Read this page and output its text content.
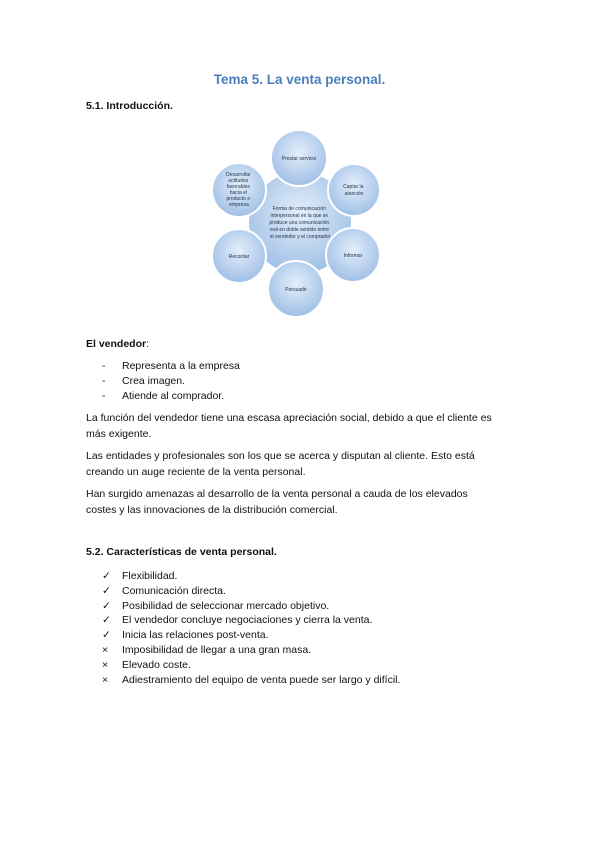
Tema 5. La venta personal.
5.1. Introducción.
Forma de comunicación interpersonal en la que se produce una comunicación oral en doble sentido entre el vendedor y el comprador
Prestar servicio
Captar la atención
Informar
Persuadir
Recordar
Desarrollar actitudes favorables hacia el producto o empresa
El vendedor:
-	Representa a la empresa
-	Crea imagen.
-	Atiende al comprador.
La función del vendedor tiene una escasa apreciación social, debido a que el cliente es
más exigente.
Las entidades y profesionales son los que se acerca y disputan al cliente. Esto está
creando un auge reciente de la venta personal.
Han surgido amenazas al desarrollo de la venta personal a cauda de los elevados
costes y las innovaciones de la distribución comercial.
5.2. Características de venta personal.
✓	Flexibilidad.
✓	Comunicación directa.
✓	Posibilidad de seleccionar mercado objetivo.
✓	El vendedor concluye negociaciones y cierra la venta.
✓	Inicia las relaciones post-venta.
×	Imposibilidad de llegar a una gran masa.
×	Elevado coste.
×	Adiestramiento del equipo de venta puede ser largo y difícil.
